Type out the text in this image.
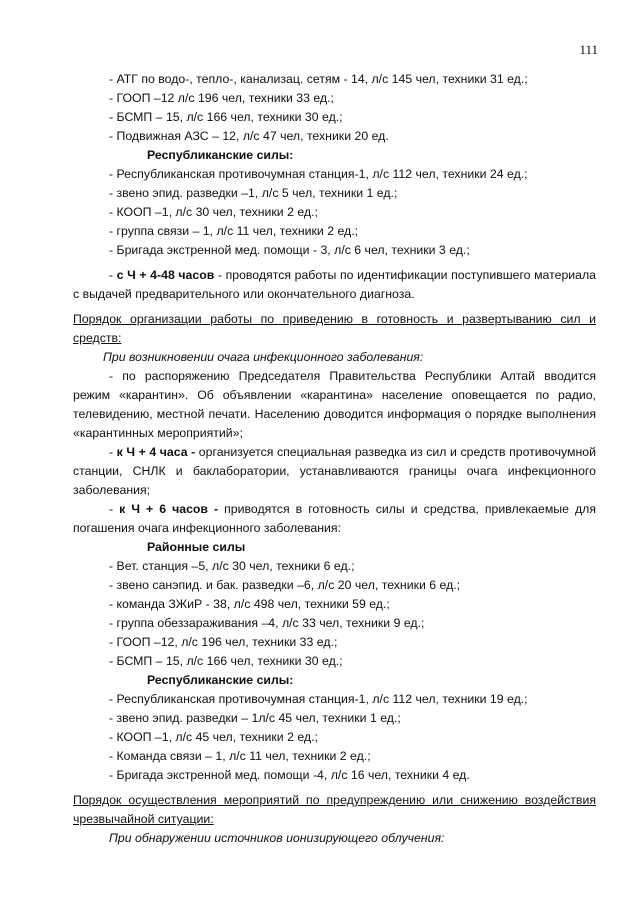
111
- АТГ по водо-, тепло-, канализац. сетям - 14, л/с 145 чел, техники 31 ед.;
- ГООП –12 л/с 196 чел, техники 33 ед.;
- БСМП – 15, л/с 166 чел, техники 30 ед.;
- Подвижная АЗС – 12, л/с 47 чел, техники 20 ед.
Республиканские силы:
- Республиканская противочумная станция-1, л/с 112 чел, техники 24 ед.;
- звено эпид. разведки –1, л/с 5 чел, техники 1 ед.;
- КООП –1, л/с 30 чел, техники 2 ед.;
- группа связи – 1, л/с 11 чел, техники 2 ед.;
- Бригада экстренной мед. помощи - 3, л/с 6 чел, техники 3 ед.;
- с Ч + 4-48 часов - проводятся работы по идентификации поступившего материала с выдачей предварительного или окончательного диагноза.
Порядок организации работы по приведению в готовность и развертыванию сил и средств:
При возникновении очага инфекционного заболевания:
- по распоряжению Председателя Правительства Республики Алтай вводится режим «карантин». Об объявлении «карантина» население оповещается по радио, телевидению, местной печати. Населению доводится информация о порядке выполнения «карантинных мероприятий»;
- к Ч + 4 часа - организуется специальная разведка из сил и средств противочумной станции, СНЛК и баклаборатории, устанавливаются границы очага инфекционного заболевания;
- к Ч + 6 часов - приводятся в готовность силы и средства, привлекаемые для погашения очага инфекционного заболевания:
Районные силы
- Вет. станция –5, л/с 30 чел, техники 6 ед.;
- звено санэпид. и бак. разведки –6, л/с 20 чел, техники 6 ед.;
- команда ЗЖиР - 38, л/с 498 чел, техники 59 ед.;
- группа обеззараживания –4, л/с 33 чел, техники 9 ед.;
- ГООП –12, л/с 196 чел, техники 33 ед.;
- БСМП – 15, л/с 166 чел, техники 30 ед.;
Республиканские силы:
- Республиканская противочумная станция-1, л/с 112 чел, техники 19 ед.;
- звено эпид. разведки – 1л/с 45 чел, техники 1 ед.;
- КООП –1, л/с 45 чел, техники 2 ед.;
- Команда связи – 1, л/с 11 чел, техники 2 ед.;
- Бригада экстренной мед. помощи -4, л/с 16 чел, техники 4 ед.
Порядок осуществления мероприятий по предупреждению или снижению воздействия чрезвычайной ситуации:
При обнаружении источников ионизирующего облучения:
